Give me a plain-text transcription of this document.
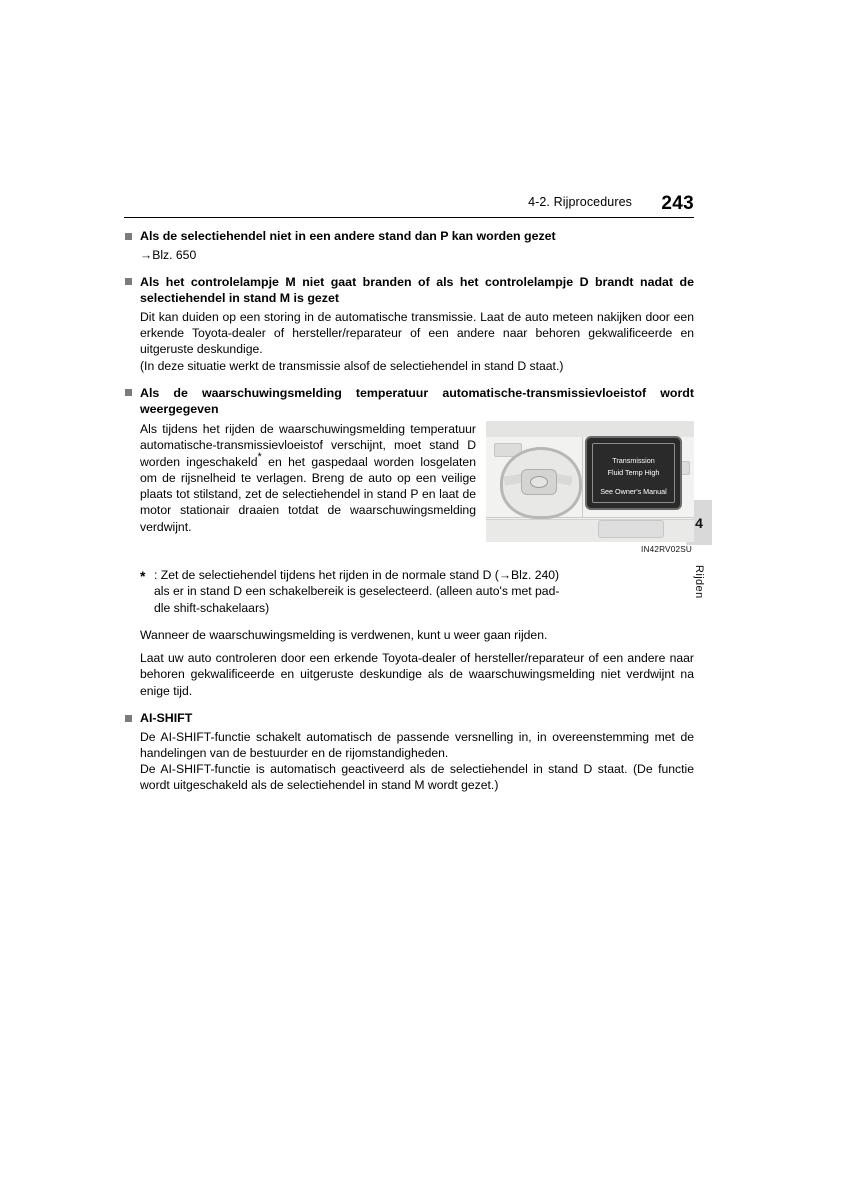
4-2. Rijprocedures 243
4
Rijden
Als de selectiehendel niet in een andere stand dan P kan worden gezet

→Blz. 650

Als het controlelampje M niet gaat branden of als het controlelampje D brandt nadat de selectiehendel in stand M is gezet

Dit kan duiden op een storing in de automatische transmissie. Laat de auto meteen nakijken door een erkende Toyota-dealer of hersteller/reparateur of een andere naar behoren gekwalificeerde en uitgeruste deskundige.

(In deze situatie werkt de transmissie alsof de selectiehendel in stand D staat.)

Als de waarschuwingsmelding temperatuur automatische-transmissievloeistof wordt weergegeven
Transmission
Fluid Temp High
See Owner's Manual
IN42RV02SU
Als tijdens het rijden de waarschuwingsmelding temperatuur automatische-transmissievloeistof verschijnt, moet stand D worden ingeschakeld* en het gaspedaal worden losgelaten om de rijsnelheid te verlagen. Breng de auto op een veilige plaats tot stilstand, zet de selectiehendel in stand P en laat de motor stationair draaien totdat de waarschuwingsmelding verdwijnt.
* : Zet de selectiehendel tijdens het rijden in de normale stand D (→Blz. 240)
als er in stand D een schakelbereik is geselecteerd. (alleen auto's met pad-
dle shift-schakelaars)

Wanneer de waarschuwingsmelding is verdwenen, kunt u weer gaan rijden.

Laat uw auto controleren door een erkende Toyota-dealer of hersteller/reparateur of een andere naar behoren gekwalificeerde en uitgeruste deskundige als de waarschuwingsmelding niet verdwijnt na enige tijd.

AI-SHIFT

De AI-SHIFT-functie schakelt automatisch de passende versnelling in, in overeenstemming met de handelingen van de bestuurder en de rijomstandigheden.

De AI-SHIFT-functie is automatisch geactiveerd als de selectiehendel in stand D staat. (De functie wordt uitgeschakeld als de selectiehendel in stand M wordt gezet.)
